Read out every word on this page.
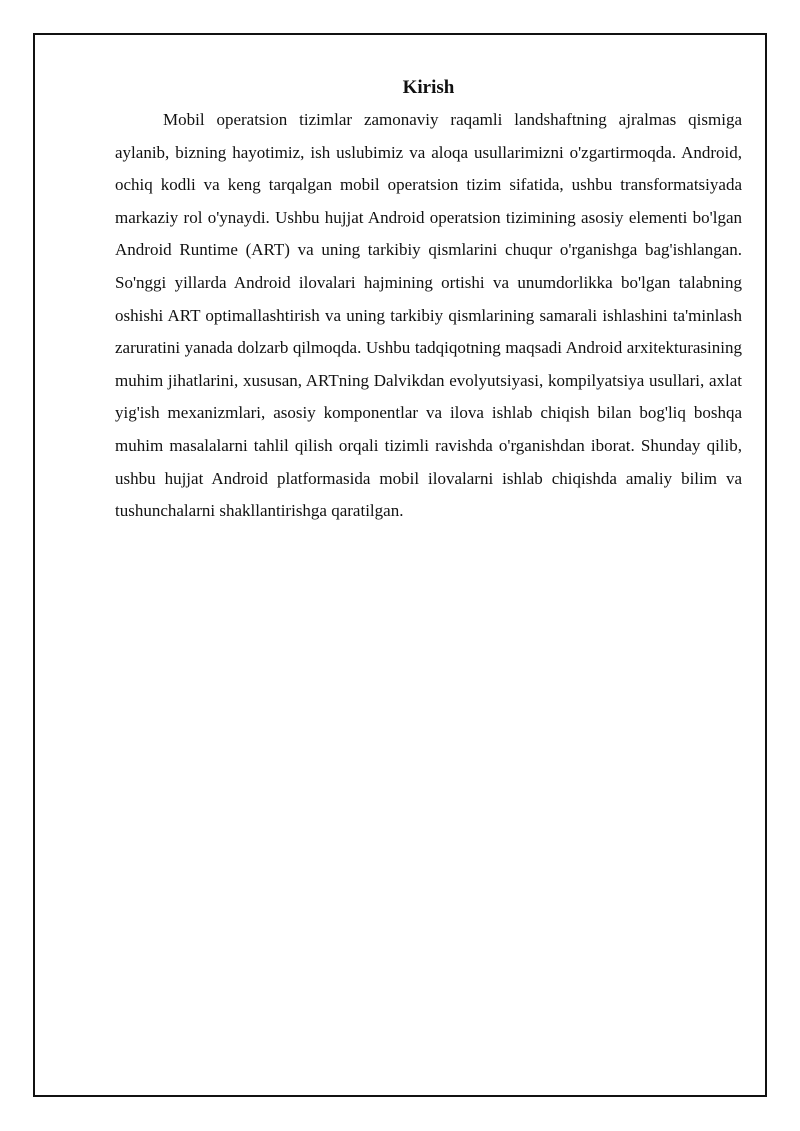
Kirish

Mobil operatsion tizimlar zamonaviy raqamli landshaftning ajralmas qismiga aylanib, bizning hayotimiz, ish uslubimiz va aloqa usullarimizni o'zgartirmoqda. Android, ochiq kodli va keng tarqalgan mobil operatsion tizim sifatida, ushbu transformatsiyada markaziy rol o'ynaydi. Ushbu hujjat Android operatsion tizimining asosiy elementi bo'lgan Android Runtime (ART) va uning tarkibiy qismlarini chuqur o'rganishga bag'ishlangan. So'nggi yillarda Android ilovalari hajmining ortishi va unumdorlikka bo'lgan talabning oshishi ART optimallashtirish va uning tarkibiy qismlarining samarali ishlashini ta'minlash zaruratini yanada dolzarb qilmoqda. Ushbu tadqiqotning maqsadi Android arxitekturasining muhim jihatlarini, xususan, ARTning Dalvikdan evolyutsiyasi, kompilyatsiya usullari, axlat yig'ish mexanizmlari, asosiy komponentlar va ilova ishlab chiqish bilan bog'liq boshqa muhim masalalarni tahlil qilish orqali tizimli ravishda o'rganishdan iborat. Shunday qilib, ushbu hujjat Android platformasida mobil ilovalarni ishlab chiqishda amaliy bilim va tushunchalarni shakllantirishga qaratilgan.
